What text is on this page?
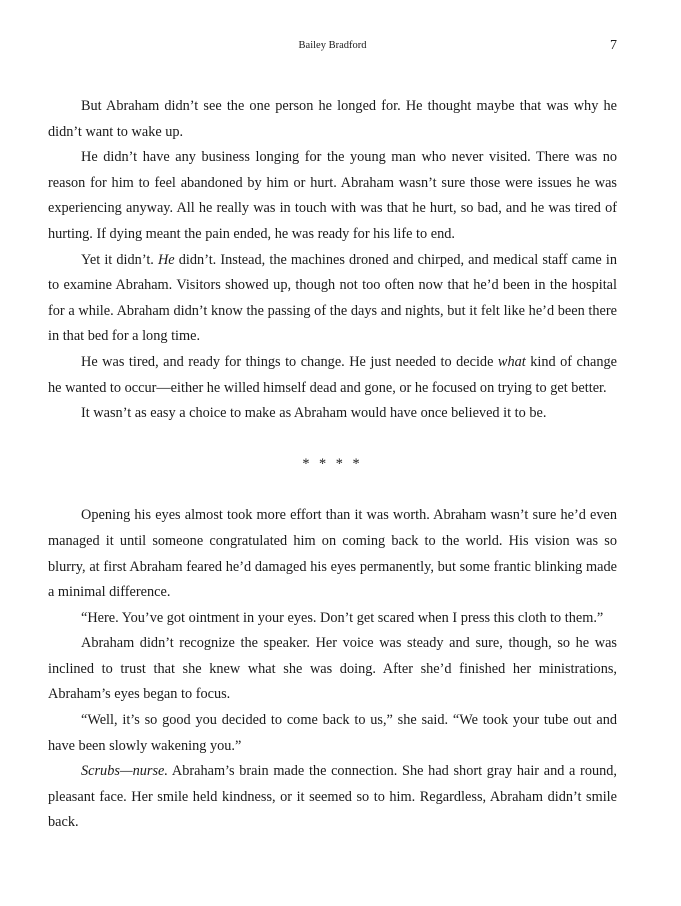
Bailey Bradford	7

But Abraham didn’t see the one person he longed for. He thought maybe that was why he didn’t want to wake up.

He didn’t have any business longing for the young man who never visited. There was no reason for him to feel abandoned by him or hurt. Abraham wasn’t sure those were issues he was experiencing anyway. All he really was in touch with was that he hurt, so bad, and he was tired of hurting. If dying meant the pain ended, he was ready for his life to end.

Yet it didn’t. He didn’t. Instead, the machines droned and chirped, and medical staff came in to examine Abraham. Visitors showed up, though not too often now that he’d been in the hospital for a while. Abraham didn’t know the passing of the days and nights, but it felt like he’d been there in that bed for a long time.

He was tired, and ready for things to change. He just needed to decide what kind of change he wanted to occur—either he willed himself dead and gone, or he focused on trying to get better.

It wasn’t as easy a choice to make as Abraham would have once believed it to be.

* * * *

Opening his eyes almost took more effort than it was worth. Abraham wasn’t sure he’d even managed it until someone congratulated him on coming back to the world. His vision was so blurry, at first Abraham feared he’d damaged his eyes permanently, but some frantic blinking made a minimal difference.

“Here. You’ve got ointment in your eyes. Don’t get scared when I press this cloth to them.”

Abraham didn’t recognize the speaker. Her voice was steady and sure, though, so he was inclined to trust that she knew what she was doing. After she’d finished her ministrations, Abraham’s eyes began to focus.

“Well, it’s so good you decided to come back to us,” she said. “We took your tube out and have been slowly wakening you.”

Scrubs—nurse. Abraham’s brain made the connection. She had short gray hair and a round, pleasant face. Her smile held kindness, or it seemed so to him. Regardless, Abraham didn’t smile back.
